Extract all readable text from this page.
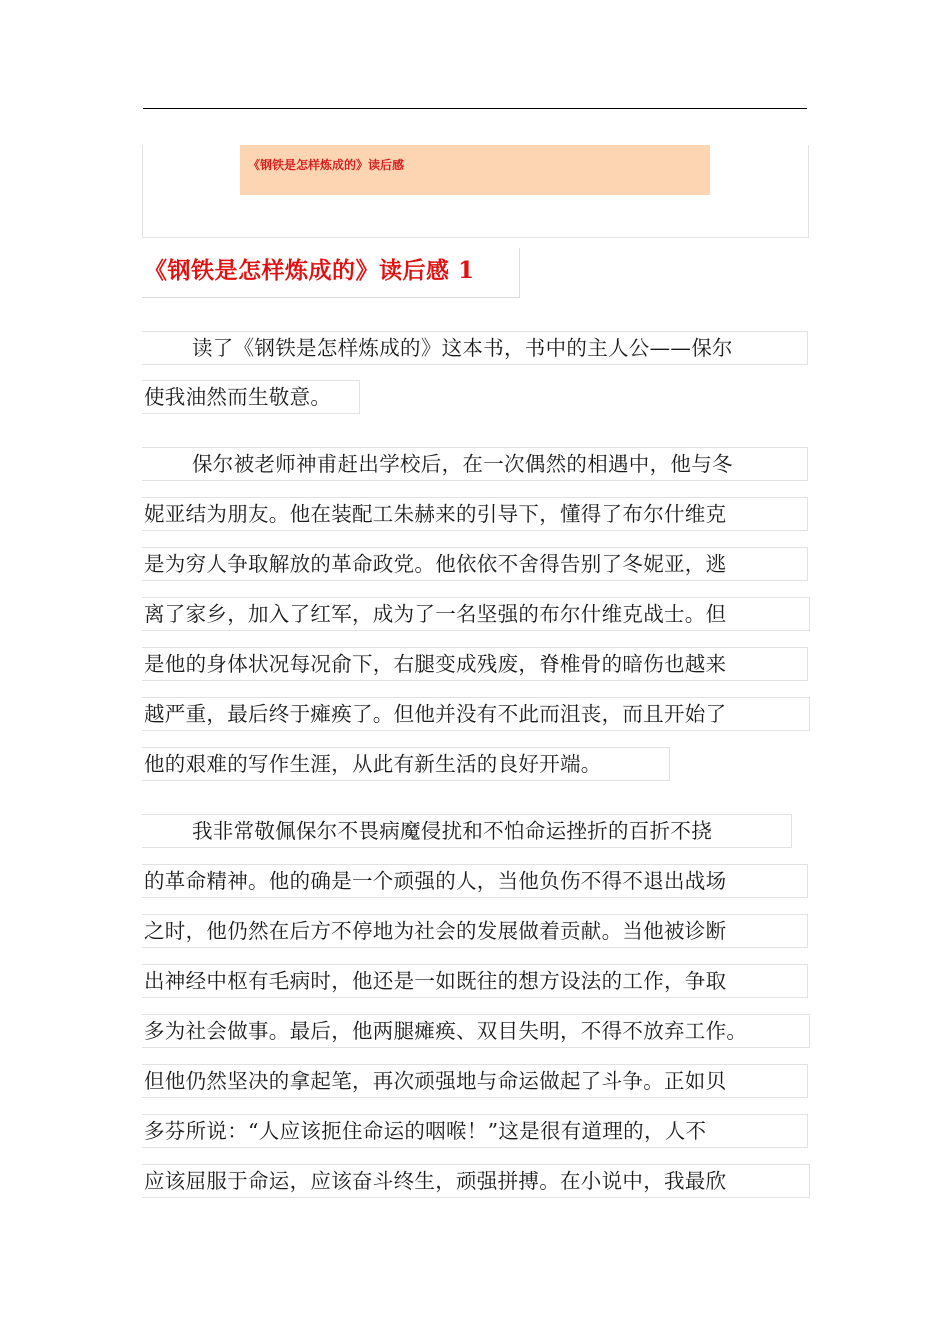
《钢铁是怎样炼成的》读后感
《钢铁是怎样炼成的》读后感 1
读了《钢铁是怎样炼成的》这本书，书中的主人公——保尔
使我油然而生敬意。
保尔被老师神甫赶出学校后，在一次偶然的相遇中，他与冬
妮亚结为朋友。他在装配工朱赫来的引导下，懂得了布尔什维克
是为穷人争取解放的革命政党。他依依不舍得告别了冬妮亚，逃
离了家乡，加入了红军，成为了一名坚强的布尔什维克战士。但
是他的身体状况每况俞下，右腿变成残废，脊椎骨的暗伤也越来
越严重，最后终于瘫痪了。但他并没有不此而沮丧，而且开始了
他的艰难的写作生涯，从此有新生活的良好开端。
我非常敬佩保尔不畏病魔侵扰和不怕命运挫折的百折不挠
的革命精神。他的确是一个顽强的人，当他负伤不得不退出战场
之时，他仍然在后方不停地为社会的发展做着贡献。当他被诊断
出神经中枢有毛病时，他还是一如既往的想方设法的工作，争取
多为社会做事。最后，他两腿瘫痪、双目失明，不得不放弃工作。
但他仍然坚决的拿起笔，再次顽强地与命运做起了斗争。正如贝
多芬所说：“人应该扼住命运的咽喉！”这是很有道理的，人不
应该屈服于命运，应该奋斗终生，顽强拼搏。在小说中，我最欣
